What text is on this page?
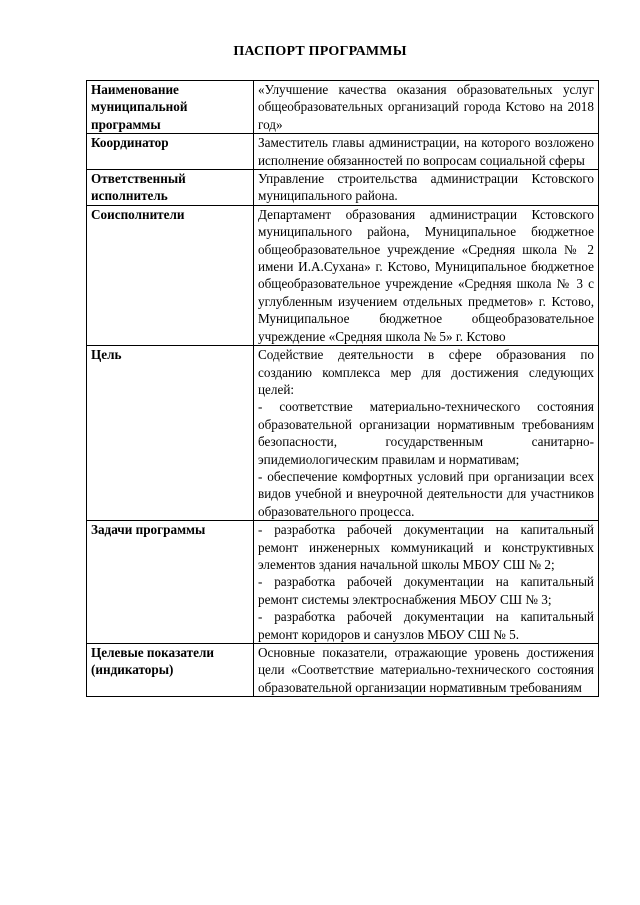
ПАСПОРТ ПРОГРАММЫ
Наименование муниципальной программы	«Улучшение качества оказания образовательных услуг общеобразовательных организаций города Кстово на 2018 год»

Координатор	Заместитель главы администрации, на которого возложено исполнение обязанностей по вопросам социальной сферы

Ответственный исполнитель	Управление строительства администрации Кстовского муниципального района.

Соисполнители	Департамент образования администрации Кстовского муниципального района, Муниципальное бюджетное общеобразовательное учреждение «Средняя школа № 2 имени И.А.Сухана» г. Кстово, Муниципальное бюджетное общеобразовательное учреждение «Средняя школа № 3 с углубленным изучением отдельных предметов» г. Кстово, Муниципальное бюджетное общеобразовательное учреждение «Средняя школа № 5» г. Кстово

Цель	Содействие деятельности в сфере образования по созданию комплекса мер для достижения следующих целей:
- соответствие материально-технического состояния образовательной организации нормативным требованиям безопасности, государственным санитарно-эпидемиологическим правилам и нормативам;
- обеспечение комфортных условий при организации всех видов учебной и внеурочной деятельности для участников образовательного процесса.

Задачи программы	- разработка рабочей документации на капитальный ремонт инженерных коммуникаций и конструктивных элементов здания начальной школы МБОУ СШ № 2;
- разработка рабочей документации на капитальный ремонт системы электроснабжения МБОУ СШ № 3;
- разработка рабочей документации на капитальный ремонт коридоров и санузлов МБОУ СШ № 5.

Целевые показатели (индикаторы)	Основные показатели, отражающие уровень достижения цели «Соответствие материально-технического состояния образовательной организации нормативным требованиям
